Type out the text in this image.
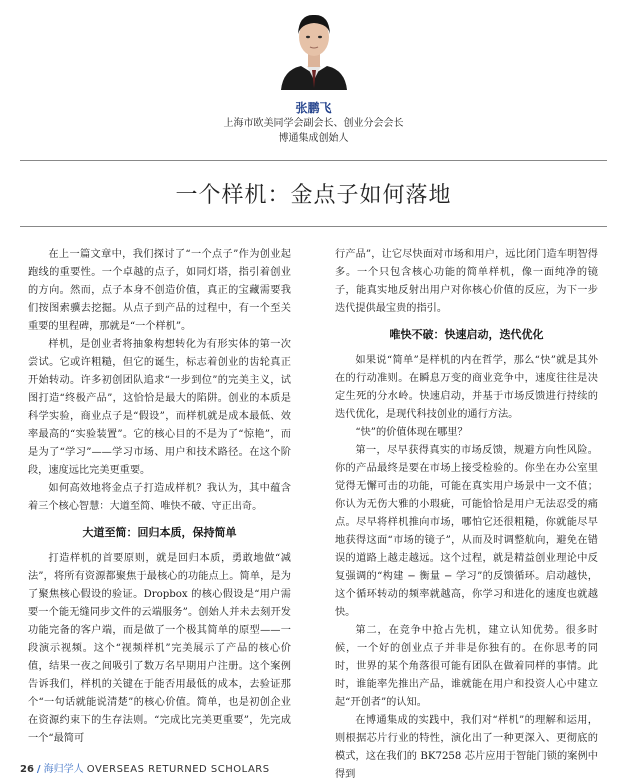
张鹏飞
上海市欧美同学会副会长、创业分会会长
博通集成创始人
一个样机：金点子如何落地

在上一篇文章中，我们探讨了“一个点子”作为创业起跑线的重要性。一个卓越的点子，如同灯塔，指引着创业的方向。然而，点子本身不创造价值，真正的宝藏需要我们按图索骥去挖掘。从点子到产品的过程中，有一个至关重要的里程碑，那就是“一个样机”。

样机，是创业者将抽象构想转化为有形实体的第一次尝试。它或许粗糙，但它的诞生，标志着创业的齿轮真正开始转动。许多初创团队追求“一步到位”的完美主义，试图打造“终极产品”，这恰恰是最大的陷阱。创业的本质是科学实验，商业点子是“假设”，而样机就是成本最低、效率最高的“实验装置”。它的核心目的不是为了“惊艳”，而是为了“学习”——学习市场、用户和技术路径。在这个阶段，速度远比完美更重要。

如何高效地将金点子打造成样机？我认为，其中蕴含着三个核心智慧：大道至简、唯快不破、守正出奇。

大道至简：回归本质，保持简单

打造样机的首要原则，就是回归本质，勇敢地做“减法”，将所有资源都聚焦于最核心的功能点上。简单，是为了聚焦核心假设的验证。Dropbox 的核心假设是“用户需要一个能无缝同步文件的云端服务”。创始人并未去刻开发功能完备的客户端，而是做了一个极其简单的原型——一段演示视频。这个“视频样机”完美展示了产品的核心价值，结果一夜之间吸引了数万名早期用户注册。这个案例告诉我们，样机的关键在于能否用最低的成本，去验证那个“一句话就能说清楚”的核心价值。简单，也是初创企业在资源约束下的生存法则。“完成比完美更重要”，先完成一个“最简可

行产品”，让它尽快面对市场和用户，远比闭门造车明智得多。一个只包含核心功能的简单样机，像一面纯净的镜子，能真实地反射出用户对你核心价值的反应，为下一步迭代提供最宝贵的指引。

唯快不破：快速启动，迭代优化

如果说“简单”是样机的内在哲学，那么“快”就是其外在的行动准则。在瞬息万变的商业竞争中，速度往往是决定生死的分水岭。快速启动，并基于市场反馈进行持续的迭代优化，是现代科技创业的通行方法。

“快”的价值体现在哪里？

第一，尽早获得真实的市场反馈，规避方向性风险。你的产品最终是要在市场上接受检验的。你坐在办公室里觉得无懈可击的功能，可能在真实用户场景中一文不值；你认为无伤大雅的小瑕疵，可能恰恰是用户无法忍受的痛点。尽早将样机推向市场，哪怕它还很粗糙，你就能尽早地获得这面“市场的镜子”，从而及时调整航向，避免在错误的道路上越走越远。这个过程，就是精益创业理论中反复强调的“构建 − 衡量 − 学习”的反馈循环。启动越快，这个循环转动的频率就越高，你学习和进化的速度也就越快。

第二，在竞争中抢占先机，建立认知优势。很多时候，一个好的创业点子并非是你独有的。在你思考的同时，世界的某个角落很可能有团队在做着同样的事情。此时，谁能率先推出产品，谁就能在用户和投资人心中建立起“开创者”的认知。

在博通集成的实践中，我们对“样机”的理解和运用，则根据芯片行业的特性，演化出了一种更深入、更彻底的模式，这在我们的 BK7258 芯片应用于智能门锁的案例中得到

26 / 海归学人 OVERSEAS RETURNED SCHOLARS
